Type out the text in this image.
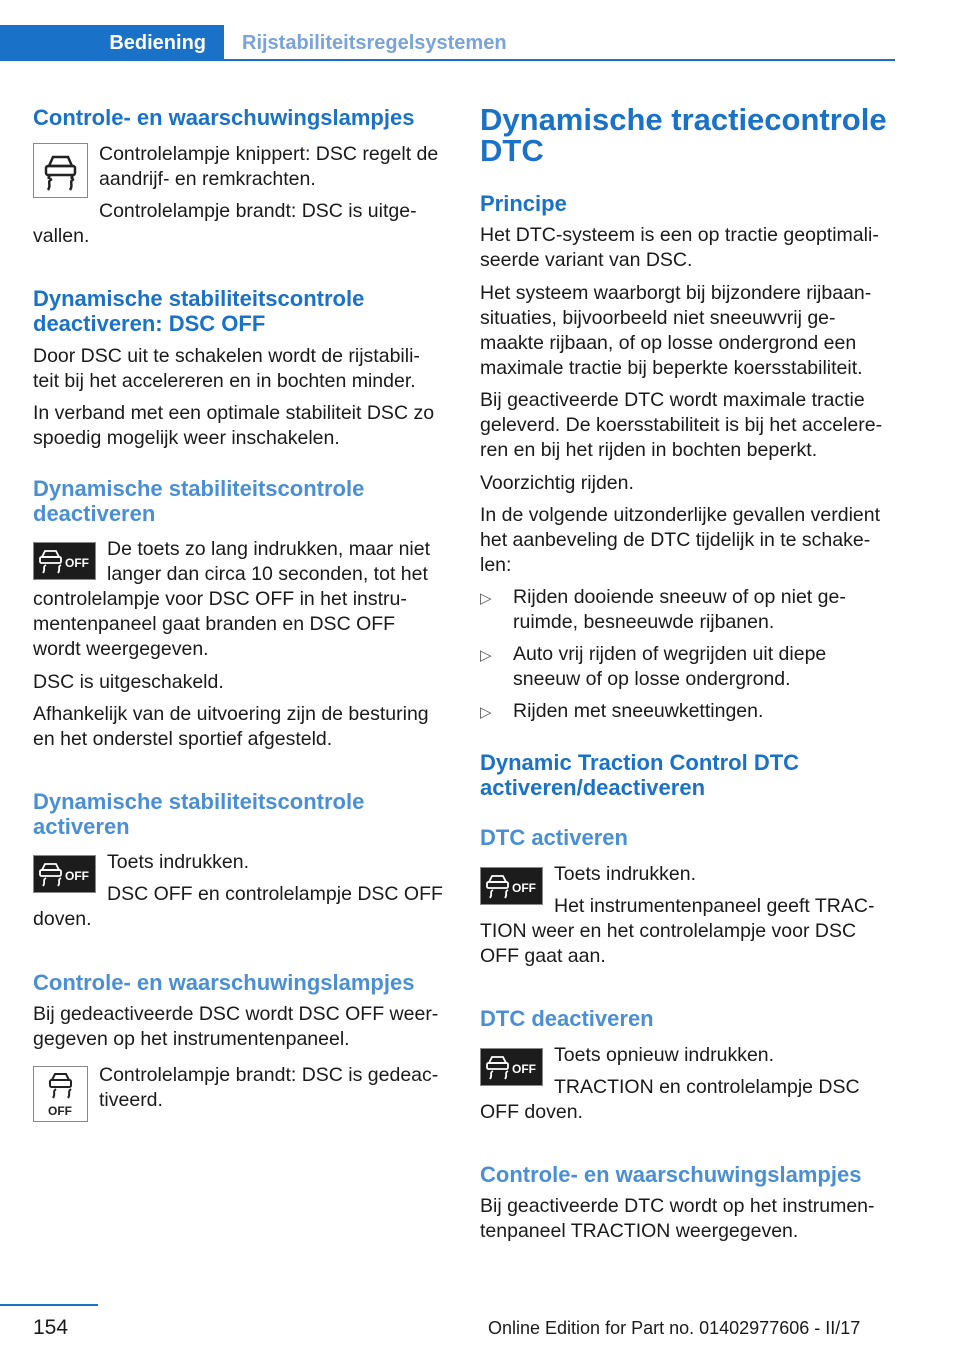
Bediening	Rijstabiliteitsregelsystemen
Controle- en waarschuwingslampjes
Controlelampje knippert: DSC regelt de
aandrijf- en remkrachten.
Controlelampje brandt: DSC is uitge-
vallen.
Dynamische stabiliteitscontrole
deactiveren: DSC OFF
Door DSC uit te schakelen wordt de rijstabili-
teit bij het accelereren en in bochten minder.
In verband met een optimale stabiliteit DSC zo
spoedig mogelijk weer inschakelen.
Dynamische stabiliteitscontrole
deactiveren
OFF
De toets zo lang indrukken, maar niet
langer dan circa 10 seconden, tot het
controlelampje voor DSC OFF in het instru-
mentenpaneel gaat branden en DSC OFF
wordt weergegeven.
DSC is uitgeschakeld.
Afhankelijk van de uitvoering zijn de besturing
en het onderstel sportief afgesteld.
Dynamische stabiliteitscontrole
activeren
OFF
Toets indrukken.
DSC OFF en controlelampje DSC OFF
doven.
Controle- en waarschuwingslampjes
Bij gedeactiveerde DSC wordt DSC OFF weer-
gegeven op het instrumentenpaneel.
OFF
Controlelampje brandt: DSC is gedeac-
tiveerd.
Dynamische tractiecontrole
DTC
Principe
Het DTC-systeem is een op tractie geoptimali-
seerde variant van DSC.
Het systeem waarborgt bij bijzondere rijbaan-
situaties, bijvoorbeeld niet sneeuwvrij ge-
maakte rijbaan, of op losse ondergrond een
maximale tractie bij beperkte koersstabiliteit.
Bij geactiveerde DTC wordt maximale tractie
geleverd. De koersstabiliteit is bij het accelere-
ren en bij het rijden in bochten beperkt.
Voorzichtig rijden.
In de volgende uitzonderlijke gevallen verdient
het aanbeveling de DTC tijdelijk in te schake-
len:
▷ Rijden dooiende sneeuw of op niet ge-
ruimde, besneeuwde rijbanen.
▷ Auto vrij rijden of wegrijden uit diepe
sneeuw of op losse ondergrond.
▷ Rijden met sneeuwkettingen.
Dynamic Traction Control DTC
activeren/deactiveren
DTC activeren
OFF
Toets indrukken.
Het instrumentenpaneel geeft TRAC-
TION weer en het controlelampje voor DSC
OFF gaat aan.
DTC deactiveren
OFF
Toets opnieuw indrukken.
TRACTION en controlelampje DSC
OFF doven.
Controle- en waarschuwingslampjes
Bij geactiveerde DTC wordt op het instrumen-
tenpaneel TRACTION weergegeven.
154	Online Edition for Part no. 01402977606 - II/17
